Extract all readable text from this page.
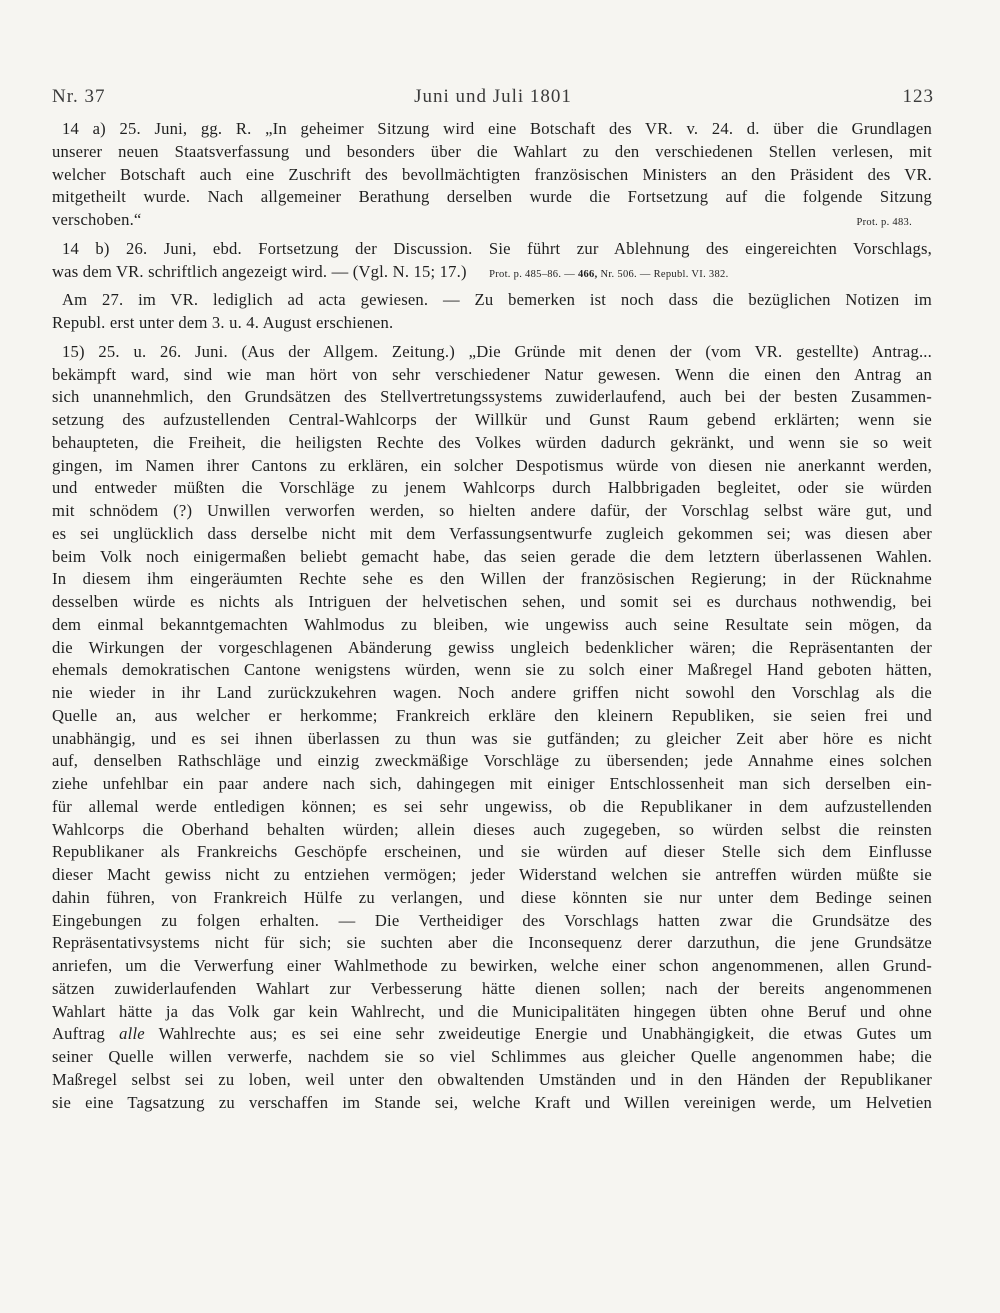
Nr. 37	Juni und Juli 1801	123
14 a) 25. Juni, gg. R. „In geheimer Sitzung wird eine Botschaft des VR. v. 24. d. über die Grundlagen
unserer neuen Staatsverfassung und besonders über die Wahlart zu den verschiedenen Stellen verlesen, mit
welcher Botschaft auch eine Zuschrift des bevollmächtigten französischen Ministers an den Präsident des VR.
mitgetheilt wurde. Nach allgemeiner Berathung derselben wurde die Fortsetzung auf die folgende Sitzung
verschoben.“	Prot. p. 483.
14 b) 26. Juni, ebd. Fortsetzung der Discussion. Sie führt zur Ablehnung des eingereichten Vorschlags,
was dem VR. schriftlich angezeigt wird. — (Vgl. N. 15; 17.) Prot. p. 485–86. — 466, Nr. 506. — Republ. VI. 382.
Am 27. im VR. lediglich ad acta gewiesen. — Zu bemerken ist noch dass die bezüglichen Notizen im
Republ. erst unter dem 3. u. 4. August erschienen.
15) 25. u. 26. Juni. (Aus der Allgem. Zeitung.) „Die Gründe mit denen der (vom VR. gestellte) Antrag...
bekämpft ward, sind wie man hört von sehr verschiedener Natur gewesen. Wenn die einen den Antrag an
sich unannehmlich, den Grundsätzen des Stellvertretungssystems zuwiderlaufend, auch bei der besten Zusammen-
setzung des aufzustellenden Central-Wahlcorps der Willkür und Gunst Raum gebend erklärten; wenn sie
behaupteten, die Freiheit, die heiligsten Rechte des Volkes würden dadurch gekränkt, und wenn sie so weit
gingen, im Namen ihrer Cantons zu erklären, ein solcher Despotismus würde von diesen nie anerkannt werden,
und entweder müßten die Vorschläge zu jenem Wahlcorps durch Halbbrigaden begleitet, oder sie würden
mit schnödem (?) Unwillen verworfen werden, so hielten andere dafür, der Vorschlag selbst wäre gut, und
es sei unglücklich dass derselbe nicht mit dem Verfassungsentwurfe zugleich gekommen sei; was diesen aber
beim Volk noch einigermaßen beliebt gemacht habe, das seien gerade die dem letztern überlassenen Wahlen.
In diesem ihm eingeräumten Rechte sehe es den Willen der französischen Regierung; in der Rücknahme
desselben würde es nichts als Intriguen der helvetischen sehen, und somit sei es durchaus nothwendig, bei
dem einmal bekanntgemachten Wahlmodus zu bleiben, wie ungewiss auch seine Resultate sein mögen, da
die Wirkungen der vorgeschlagenen Abänderung gewiss ungleich bedenklicher wären; die Repräsentanten der
ehemals demokratischen Cantone wenigstens würden, wenn sie zu solch einer Maßregel Hand geboten hätten,
nie wieder in ihr Land zurückzukehren wagen. Noch andere griffen nicht sowohl den Vorschlag als die
Quelle an, aus welcher er herkomme; Frankreich erkläre den kleinern Republiken, sie seien frei und
unabhängig, und es sei ihnen überlassen zu thun was sie gutfänden; zu gleicher Zeit aber höre es nicht
auf, denselben Rathschläge und einzig zweckmäßige Vorschläge zu übersenden; jede Annahme eines solchen
ziehe unfehlbar ein paar andere nach sich, dahingegen mit einiger Entschlossenheit man sich derselben ein-
für allemal werde entledigen können; es sei sehr ungewiss, ob die Republikaner in dem aufzustellenden
Wahlcorps die Oberhand behalten würden; allein dieses auch zugegeben, so würden selbst die reinsten
Republikaner als Frankreichs Geschöpfe erscheinen, und sie würden auf dieser Stelle sich dem Einflusse
dieser Macht gewiss nicht zu entziehen vermögen; jeder Widerstand welchen sie antreffen würden müßte sie
dahin führen, von Frankreich Hülfe zu verlangen, und diese könnten sie nur unter dem Bedinge seinen
Eingebungen zu folgen erhalten. — Die Vertheidiger des Vorschlags hatten zwar die Grundsätze des
Repräsentativsystems nicht für sich; sie suchten aber die Inconsequenz derer darzuthun, die jene Grundsätze
anriefen, um die Verwerfung einer Wahlmethode zu bewirken, welche einer schon angenommenen, allen Grund-
sätzen zuwiderlaufenden Wahlart zur Verbesserung hätte dienen sollen; nach der bereits angenommenen
Wahlart hätte ja das Volk gar kein Wahlrecht, und die Municipalitäten hingegen übten ohne Beruf und ohne
Auftrag alle Wahlrechte aus; es sei eine sehr zweideutige Energie und Unabhängigkeit, die etwas Gutes um
seiner Quelle willen verwerfe, nachdem sie so viel Schlimmes aus gleicher Quelle angenommen habe; die
Maßregel selbst sei zu loben, weil unter den obwaltenden Umständen und in den Händen der Republikaner
sie eine Tagsatzung zu verschaffen im Stande sei, welche Kraft und Willen vereinigen werde, um Helvetien
